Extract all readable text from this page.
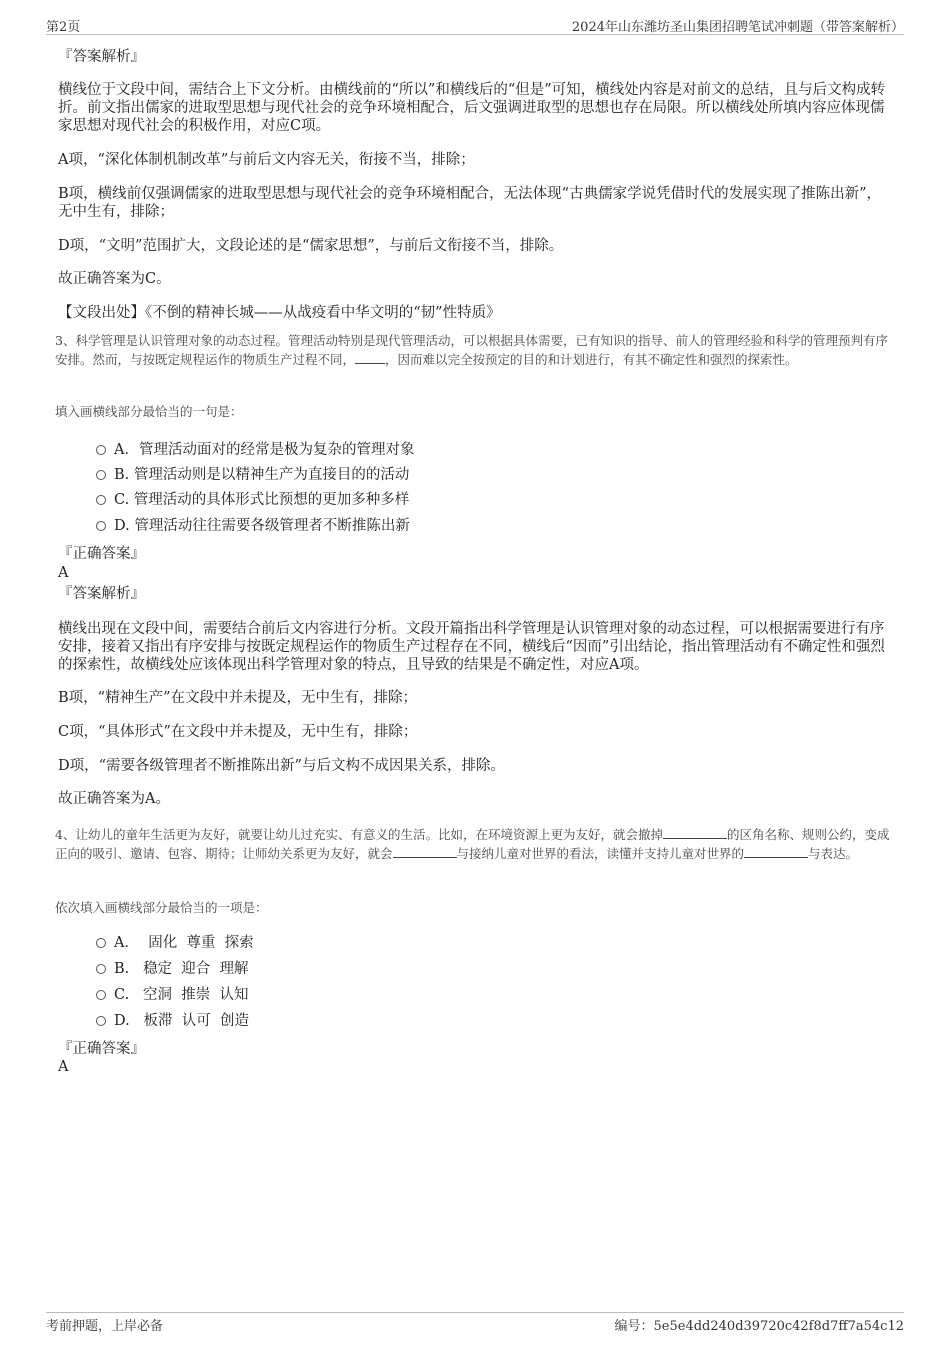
第2页	2024年山东潍坊圣山集团招聘笔试冲刺题（带答案解析）
『答案解析』
横线位于文段中间，需结合上下文分析。由横线前的“所以”和横线后的“但是”可知，横线处内容是对前文的总结，且与后文构成转折。前文指出儒家的进取型思想与现代社会的竞争环境相配合，后文强调进取型的思想也存在局限。所以横线处所填内容应体现儒家思想对现代社会的积极作用，对应C项。
A项，“深化体制机制改革”与前后文内容无关，衔接不当，排除；
B项，横线前仅强调儒家的进取型思想与现代社会的竞争环境相配合，无法体现“古典儒家学说凭借时代的发展实现了推陈出新”，无中生有，排除；
D项，“文明”范围扩大，文段论述的是“儒家思想”，与前后文衔接不当，排除。
故正确答案为C。
【文段出处】《不倒的精神长城——从战疫看中华文明的“韧”性特质》
3、科学管理是认识管理对象的动态过程。管理活动特别是现代管理活动，可以根据具体需要，已有知识的指导、前人的管理经验和科学的管理预判有序安排。然而，与按既定规程运作的物质生产过程不同， ，因而难以完全按预定的目的和计划进行，有其不确定性和强烈的探索性。
填入画横线部分最恰当的一句是：
A．管理活动面对的经常是极为复杂的管理对象
B. 管理活动则是以精神生产为直接目的的活动
C. 管理活动的具体形式比预想的更加多种多样
D. 管理活动往往需要各级管理者不断推陈出新
『正确答案』
A
『答案解析』
横线出现在文段中间，需要结合前后文内容进行分析。文段开篇指出科学管理是认识管理对象的动态过程，可以根据需要进行有序安排，接着又指出有序安排与按既定规程运作的物质生产过程存在不同，横线后“因而”引出结论，指出管理活动有不确定性和强烈的探索性，故横线处应该体现出科学管理对象的特点，且导致的结果是不确定性，对应A项。
B项，“精神生产”在文段中并未提及，无中生有，排除；
C项，“具体形式”在文段中并未提及，无中生有，排除；
D项，“需要各级管理者不断推陈出新”与后文构不成因果关系，排除。
故正确答案为A。
4、让幼儿的童年生活更为友好，就要让幼儿过充实、有意义的生活。比如，在环境资源上更为友好，就会撤掉	的区角名称、规则公约，变成正向的吸引、邀请、包容、期待；让师幼关系更为友好，就会	与接纳儿童对世界的看法，读懂并支持儿童对世界的	与表达。
依次填入画横线部分最恰当的一项是：
A．  固化  尊重  探索
B.   稳定  迎合  理解
C.   空洞  推崇  认知
D.   板滞  认可  创造
『正确答案』
A
考前押题，上岸必备	编号：5e5e4dd240d39720c42f8d7ff7a54c12
